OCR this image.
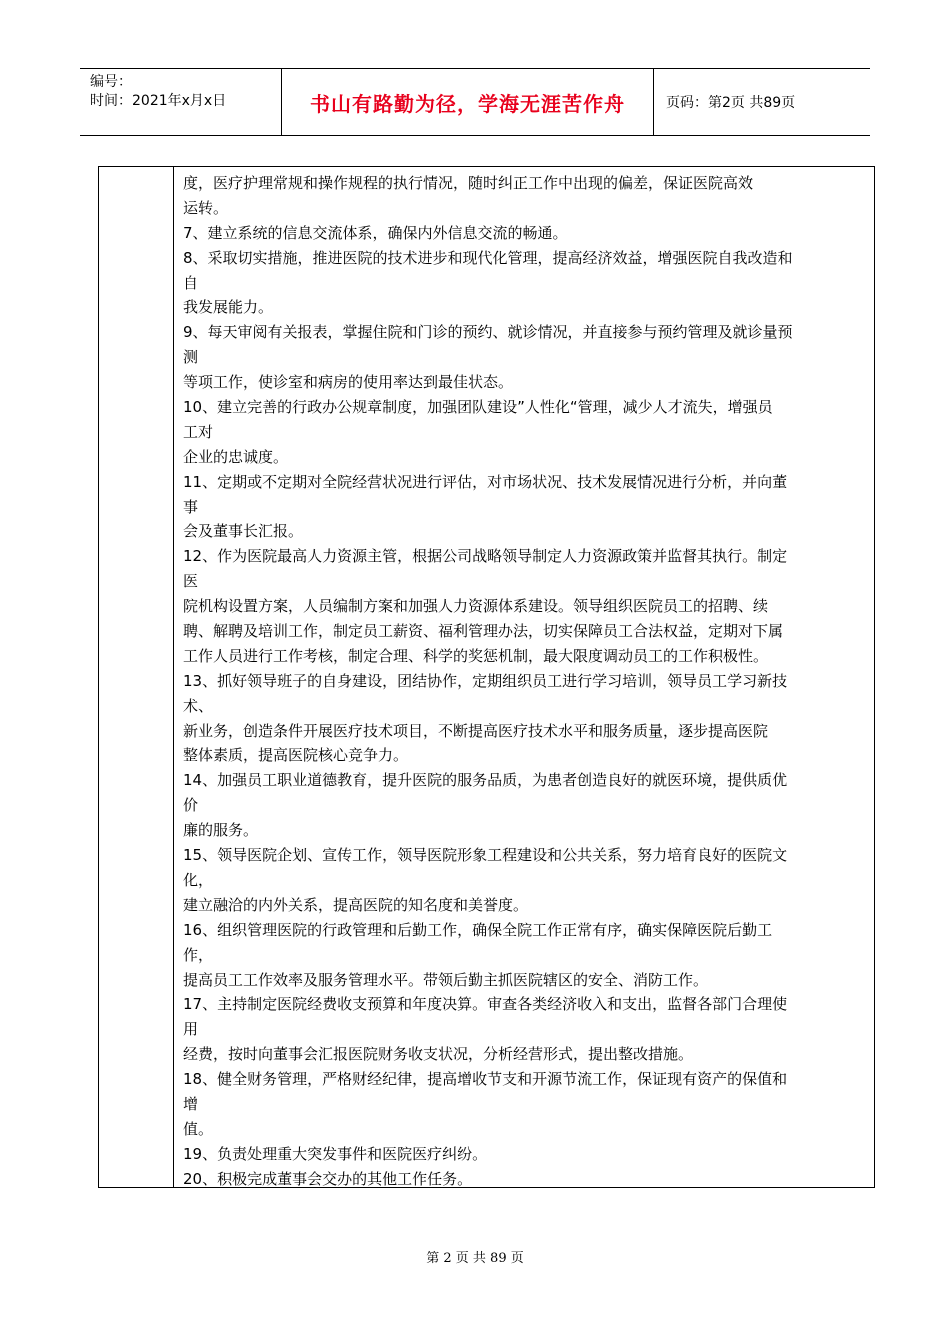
编号：
时间：2021年x月x日	书山有路勤为径，学海无涯苦作舟	页码：第2页 共89页
度，医疗护理常规和操作规程的执行情况，随时纠正工作中出现的偏差，保证医院高效
运转。
7、建立系统的信息交流体系，确保内外信息交流的畅通。
8、采取切实措施，推进医院的技术进步和现代化管理，提高经济效益，增强医院自我改造和
自
我发展能力。
9、每天审阅有关报表，掌握住院和门诊的预约、就诊情况，并直接参与预约管理及就诊量预
测
等项工作，使诊室和病房的使用率达到最佳状态。
10、建立完善的行政办公规章制度，加强团队建设”人性化“管理，减少人才流失，增强员
工对
企业的忠诚度。
11、定期或不定期对全院经营状况进行评估，对市场状况、技术发展情况进行分析，并向董
事
会及董事长汇报。
12、作为医院最高人力资源主管，根据公司战略领导制定人力资源政策并监督其执行。制定
医
院机构设置方案，人员编制方案和加强人力资源体系建设。领导组织医院员工的招聘、续
聘、解聘及培训工作，制定员工薪资、福利管理办法，切实保障员工合法权益，定期对下属
工作人员进行工作考核，制定合理、科学的奖惩机制，最大限度调动员工的工作积极性。
13、抓好领导班子的自身建设，团结协作，定期组织员工进行学习培训，领导员工学习新技
术、
新业务，创造条件开展医疗技术项目，不断提高医疗技术水平和服务质量，逐步提高医院
整体素质，提高医院核心竞争力。
14、加强员工职业道德教育，提升医院的服务品质，为患者创造良好的就医环境，提供质优
价
廉的服务。
15、领导医院企划、宣传工作，领导医院形象工程建设和公共关系，努力培育良好的医院文
化，
建立融洽的内外关系，提高医院的知名度和美誉度。
16、组织管理医院的行政管理和后勤工作，确保全院工作正常有序，确实保障医院后勤工
作，
提高员工工作效率及服务管理水平。带领后勤主抓医院辖区的安全、消防工作。
17、主持制定医院经费收支预算和年度决算。审查各类经济收入和支出，监督各部门合理使
用
经费，按时向董事会汇报医院财务收支状况，分析经营形式，提出整改措施。
18、健全财务管理，严格财经纪律，提高增收节支和开源节流工作，保证现有资产的保值和
增
值。
19、负责处理重大突发事件和医院医疗纠纷。
20、积极完成董事会交办的其他工作任务。
第 2 页 共 89 页
